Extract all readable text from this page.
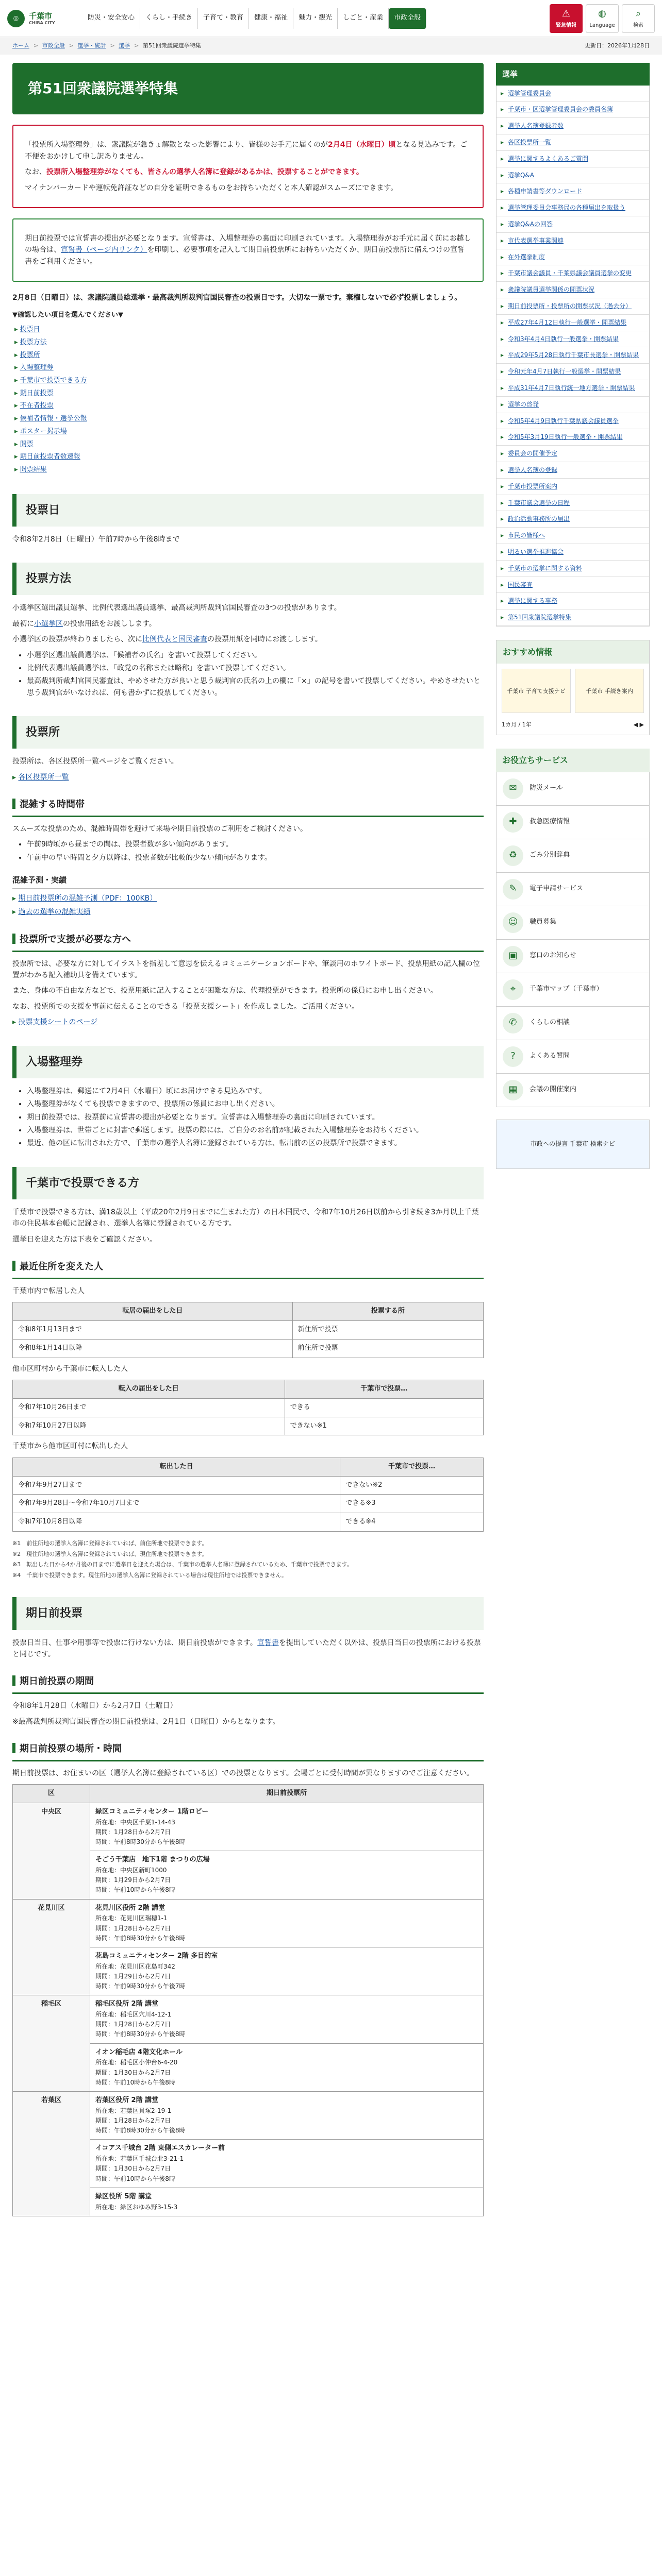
◎	千葉市
CHIBA CITY
防災・安全安心	くらし・手続き	子育て・教育	健康・福祉	魅力・観光	しごと・産業	市政全般	⚠
緊急情報
◍
Language
⌕
検索
ホーム > 市政全般 > 選挙・統計 > 選挙 > 第51回衆議院選挙特集	更新日：2026年1月28日
第51回衆議院選挙特集

「投票所入場整理券」は、衆議院が急きょ解散となった影響により、皆様のお手元に届くのが2月4日（水曜日）頃となる見込みです。ご不便をおかけして申し訳ありません。

なお、投票所入場整理券がなくても、皆さんの選挙人名簿に登録があるかは、投票することができます。

マイナンバーカードや運転免許証などの自分を証明できるものをお持ちいただくと本人確認がスムーズにできます。

期日前投票では宣誓書の提出が必要となります。宣誓書は、入場整理券の裏面に印刷されています。入場整理券がお手元に届く前にお越しの場合は、宣誓書（ページ内リンク）を印刷し、必要事項を記入して期日前投票所にお持ちいただくか、期日前投票所に備えつけの宣誓書をご利用ください。

2月8日（日曜日）は、衆議院議員総選挙・最高裁判所裁判官国民審査の投票日です。大切な一票です。棄権しないで必ず投票しましょう。

▼確認したい項目を選んでください▼
▸ 投票日
▸ 投票方法
▸ 投票所
▸ 入場整理券
▸ 千葉市で投票できる方
▸ 期日前投票
▸ 不在者投票
▸ 候補者情報・選挙公報
▸ ポスター掲示場
▸ 開票
▸ 期日前投票者数速報
▸ 開票結果
投票日

令和8年2月8日（日曜日）午前7時から午後8時まで

投票方法

小選挙区選出議員選挙、比例代表選出議員選挙、最高裁判所裁判官国民審査の3つの投票があります。

最初に小選挙区の投票用紙をお渡しします。

小選挙区の投票が終わりましたら、次に比例代表と国民審査の投票用紙を同時にお渡しします。

• 小選挙区選出議員選挙は、「候補者の氏名」を書いて投票してください。
• 比例代表選出議員選挙は、「政党の名称または略称」を書いて投票してください。
• 最高裁判所裁判官国民審査は、やめさせた方が良いと思う裁判官の氏名の上の欄に「×」の記号を書いて投票してください。やめさせたいと思う裁判官がいなければ、何も書かずに投票してください。
投票所

投票所は、各区投票所一覧ページをご覧ください。

▸ 各区投票所一覧
混雑する時間帯

スムーズな投票のため、混雑時間帯を避けて来場や期日前投票のご利用をご検討ください。

• 午前9時頃から昼までの間は、投票者数が多い傾向があります。
• 午前中の早い時間と夕方以降は、投票者数が比較的少ない傾向があります。
混雑予測・実績
▸ 期日前投票所の混雑予測（PDF：100KB）
▸ 過去の選挙の混雑実績
投票所で支援が必要な方へ

投票所では、必要な方に対してイラストを指差して意思を伝えるコミュニケーションボードや、筆談用のホワイトボード、投票用紙の記入欄の位置がわかる記入補助具を備えています。

また、身体の不自由な方などで、投票用紙に記入することが困難な方は、代理投票ができます。投票所の係員にお申し出ください。

なお、投票所での支援を事前に伝えることのできる「投票支援シート」を作成しました。ご活用ください。

▸ 投票支援シートのページ
入場整理券
• 入場整理券は、郵送にて2月4日（水曜日）頃にお届けできる見込みです。
• 入場整理券がなくても投票できますので、投票所の係員にお申し出ください。
• 期日前投票では、投票前に宣誓書の提出が必要となります。宣誓書は入場整理券の裏面に印刷されています。
• 入場整理券は、世帯ごとに封書で郵送します。投票の際には、ご自分のお名前が記載された入場整理券をお持ちください。
• 最近、他の区に転出された方で、千葉市の選挙人名簿に登録されている方は、転出前の区の投票所で投票できます。
千葉市で投票できる方

千葉市で投票できる方は、満18歳以上（平成20年2月9日までに生まれた方）の日本国民で、令和7年10月26日以前から引き続き3か月以上千葉市の住民基本台帳に記録され、選挙人名簿に登録されている方です。

選挙日を迎えた方は下表をご確認ください。

最近住所を変えた人

千葉市内で転居した人

転居の届出をした日	投票する所
令和8年1月13日まで	新住所で投票
令和8年1月14日以降	前住所で投票

他市区町村から千葉市に転入した人

転入の届出をした日	千葉市で投票…
令和7年10月26日まで	できる
令和7年10月27日以降	できない※1

千葉市から他市区町村に転出した人

転出した日	千葉市で投票…
令和7年9月27日まで	できない※2
令和7年9月28日～令和7年10月7日まで	できる※3
令和7年10月8日以降	できる※4
※1　前住所地の選挙人名簿に登録されていれば、前住所地で投票できます。
※2　現住所地の選挙人名簿に登録されていれば、現住所地で投票できます。
※3　転出した日から4か月後の日までに選挙日を迎えた場合は、千葉市の選挙人名簿に登録されているため、千葉市で投票できます。
※4　千葉市で投票できます。現住所地の選挙人名簿に登録されている場合は現住所地では投票できません。
期日前投票

投票日当日、仕事や用事等で投票に行けない方は、期日前投票ができます。宣誓書を提出していただく以外は、投票日当日の投票所における投票と同じです。

期日前投票の期間

令和8年1月28日（水曜日）から2月7日（土曜日）

※最高裁判所裁判官国民審査の期日前投票は、2月1日（日曜日）からとなります。

期日前投票の場所・時間

期日前投票は、お住まいの区（選挙人名簿に登録されている区）での投票となります。会場ごとに受付時間が異なりますのでご注意ください。

区	期日前投票所
中央区	緑区コミュニティセンター 1階ロビー
所在地：中央区千葉1-14-43
期間：1月28日から2月7日
時間：午前8時30分から午後8時

	そごう千葉店　地下1階 まつりの広場
所在地：中央区新町1000
期間：1月29日から2月7日
時間：午前10時から午後8時

花見川区	花見川区役所 2階 講堂
所在地：花見川区瑞穂1-1
期間：1月28日から2月7日
時間：午前8時30分から午後8時

	花島コミュニティセンター 2階 多目的室
所在地：花見川区花島町342
期間：1月29日から2月7日
時間：午前9時30分から午後7時

稲毛区	稲毛区役所 2階 講堂
所在地：稲毛区穴川4-12-1
期間：1月28日から2月7日
時間：午前8時30分から午後8時

	イオン稲毛店 4階文化ホール
所在地：稲毛区小仲台6-4-20
期間：1月30日から2月7日
時間：午前10時から午後8時

若葉区	若葉区役所 2階 講堂
所在地：若葉区貝塚2-19-1
期間：1月28日から2月7日
時間：午前8時30分から午後8時

	イコアス千城台 2階 東側エスカレーター前
所在地：若葉区千城台北3-21-1
期間：1月30日から2月7日
時間：午前10時から午後8時

	緑区役所 5階 講堂
所在地：緑区おゆみ野3-15-3
選挙
▸ 選挙管理委員会
▸ 千葉市・区選挙管理委員会の委員名簿
▸ 選挙人名簿登録者数
▸ 各区投票所一覧
▸ 選挙に関するよくあるご質問
▸ 選挙Q&A
▸ 各種申請書等ダウンロード
▸ 選挙管理委員会事務局の各種届出を取扱う
▸ 選挙Q&Aの回答
▸ 市代表選挙事業関連
▸ 在外選挙制度
▸ 千葉市議会議員・千葉県議会議員選挙の変更
▸ 衆議院議員選挙関係の開票状況
▸ 期日前投票所・投票所の開票状況（過去分）
▸ 平成27年4月12日執行一般選挙・開票結果
▸ 令和3年4月4日執行一般選挙・開票結果
▸ 平成29年5月28日執行千葉市長選挙・開票結果
▸ 令和元年4月7日執行一般選挙・開票結果
▸ 平成31年4月7日執行統一地方選挙・開票結果
▸ 選挙の啓発
▸ 令和5年4月9日執行千葉県議会議員選挙
▸ 令和5年3月19日執行一般選挙・開票結果
▸ 委員会の開催予定
▸ 選挙人名簿の登録
▸ 千葉市投票所案内
▸ 千葉市議会選挙の日程
▸ 政治活動事務所の届出
▸ 市民の皆様へ
▸ 明るい選挙推進協会
▸ 千葉市の選挙に関する資料
▸ 国民審査
▸ 選挙に関する事務
▸ 第51回衆議院選挙特集
おすすめ情報
千葉市 子育て支援ナビ	千葉市 手続き案内
1カ月 / 1年	◀ ▶
お役立ちサービス
✉	防災メール
✚	救急医療情報
♻	ごみ分別辞典
✎	電子申請サービス
☺	職員募集
▣	窓口のお知らせ
⌖	千葉市マップ（千葉市）
✆	くらしの相談
?	よくある質問
▦	会議の開催案内
市政への提言 千葉市 検索ナビ
